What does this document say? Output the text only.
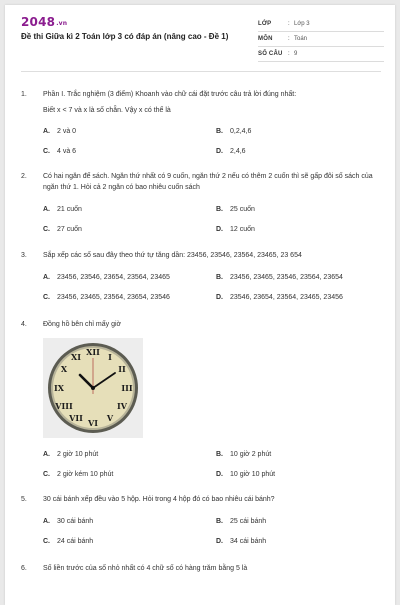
2048.vn
Đề thi Giữa kì 2 Toán lớp 3 có đáp án (nâng cao - Đề 1)
LỚP	: Lớp 3
MÔN	: Toán
SỐ CÂU : 9
1.	Phần I. Trắc nghiệm (3 điểm) Khoanh vào chữ cái đặt trước câu trả lời đúng nhất:
Biết x < 7 và x là số chẵn. Vậy x có thể là
A.	2 và 0	B.	0,2,4,6
C.	4 và 6	D.	2,4,6
2.	Có hai ngăn để sách. Ngăn thứ nhất có 9 cuốn, ngăn thứ 2 nếu có thêm 2 cuốn thì sẽ gấp đôi số sách của ngăn thứ 1. Hỏi cả 2 ngăn có bao nhiêu cuốn sách
A.	21 cuốn	B.	25 cuốn
C.	27 cuốn	D.	12 cuốn
3.	Sắp xếp các số sau đây theo thứ tự tăng dần: 23456, 23546, 23564, 23465, 23 654
A.	23456, 23546, 23654, 23564, 23465	B.	23456, 23465, 23546, 23564, 23654
C.	23456, 23465, 23564, 23654, 23546	D.	23546, 23654, 23564, 23465, 23456
4.	Đồng hồ bên chỉ mấy giờ
XII I
II
III
IV
V
VI
VII
VIII
IX
X
XI
A.	2 giờ 10 phút	B.	10 giờ 2 phút
C.	2 giờ kém 10 phút	D.	10 giờ 10 phút
5.	30 cái bánh xếp đều vào 5 hộp. Hỏi trong 4 hộp đó có bao nhiêu cái bánh?
A.	30 cái bánh	B.	25 cái bánh
C.	24 cái bánh	D.	34 cái bánh
6.	Số liền trước của số nhỏ nhất có 4 chữ số có hàng trăm bằng 5 là
